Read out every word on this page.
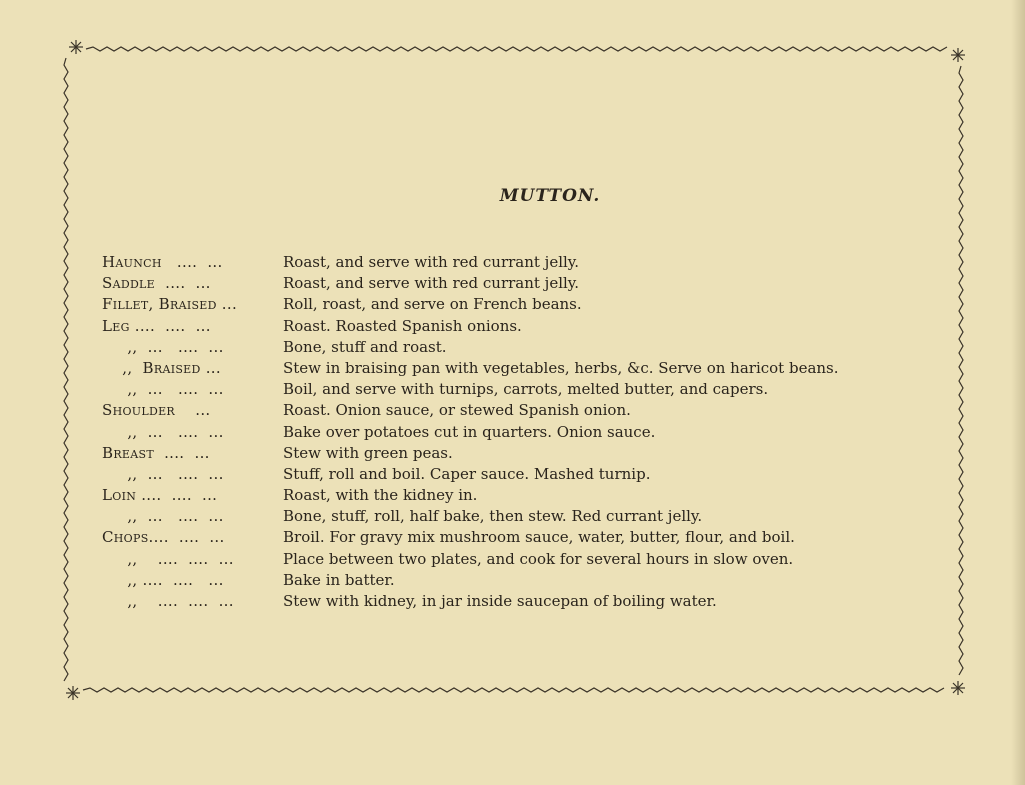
MUTTON.
Haunch   ....  ...	Roast, and serve with red currant jelly.
Saddle  ....  ...	Roast, and serve with red currant jelly.
Fillet, Braised ...	Roll, roast, and serve on French beans.
Leg ....  ....  ...	Roast. Roasted Spanish onions.
,,  ...   ....  ...	Bone, stuff and roast.
,,  Braised ...	Stew in braising pan with vegetables, herbs, &c. Serve on haricot beans.
,,  ...   ....  ...	Boil, and serve with turnips, carrots, melted butter, and capers.
Shoulder    ...	Roast. Onion sauce, or stewed Spanish onion.
,,  ...   ....  ...	Bake over potatoes cut in quarters. Onion sauce.
Breast  ....  ...	Stew with green peas.
,,  ...   ....  ...	Stuff, roll and boil. Caper sauce. Mashed turnip.
Loin ....  ....  ...	Roast, with the kidney in.
,,  ...   ....  ...	Bone, stuff, roll, half bake, then stew. Red currant jelly.
Chops....  ....  ...	Broil. For gravy mix mushroom sauce, water, butter, flour, and boil.
,,    ....  ....  ...	Place between two plates, and cook for several hours in slow oven.
,, ....  ....   ...	Bake in batter.
,,    ....  ....  ...	Stew with kidney, in jar inside saucepan of boiling water.
